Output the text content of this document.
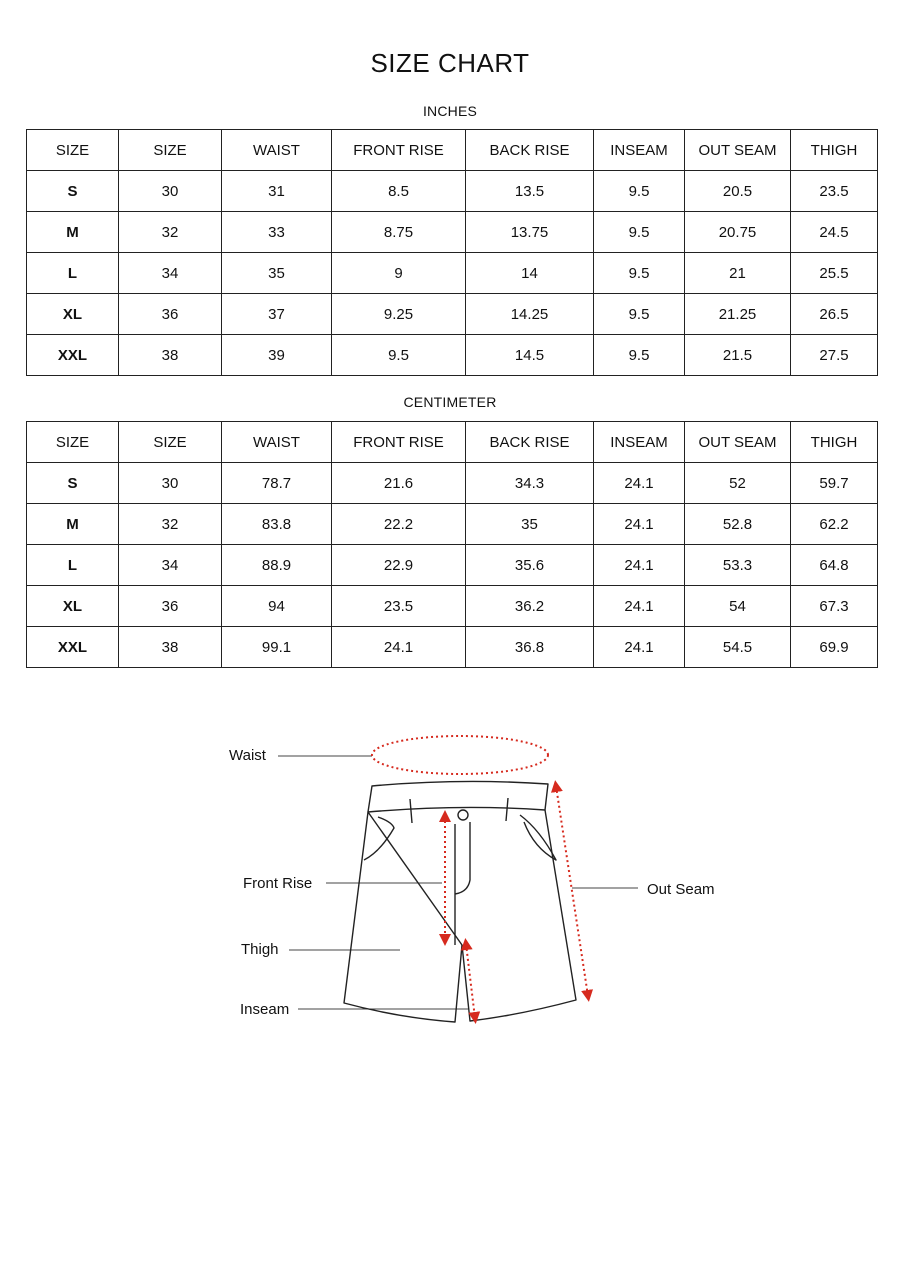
SIZE CHART
INCHES
SIZE	SIZE	WAIST	FRONT RISE	BACK RISE	INSEAM	OUT SEAM	THIGH
S	30	31	8.5	13.5	9.5	20.5	23.5
M	32	33	8.75	13.75	9.5	20.75	24.5
L	34	35	9	14	9.5	21	25.5
XL	36	37	9.25	14.25	9.5	21.25	26.5
XXL	38	39	9.5	14.5	9.5	21.5	27.5
CENTIMETER
SIZE	SIZE	WAIST	FRONT RISE	BACK RISE	INSEAM	OUT SEAM	THIGH
S	30	78.7	21.6	34.3	24.1	52	59.7
M	32	83.8	22.2	35	24.1	52.8	62.2
L	34	88.9	22.9	35.6	24.1	53.3	64.8
XL	36	94	23.5	36.2	24.1	54	67.3
XXL	38	99.1	24.1	36.8	24.1	54.5	69.9
Waist
Front Rise
Thigh
Inseam
Out Seam
